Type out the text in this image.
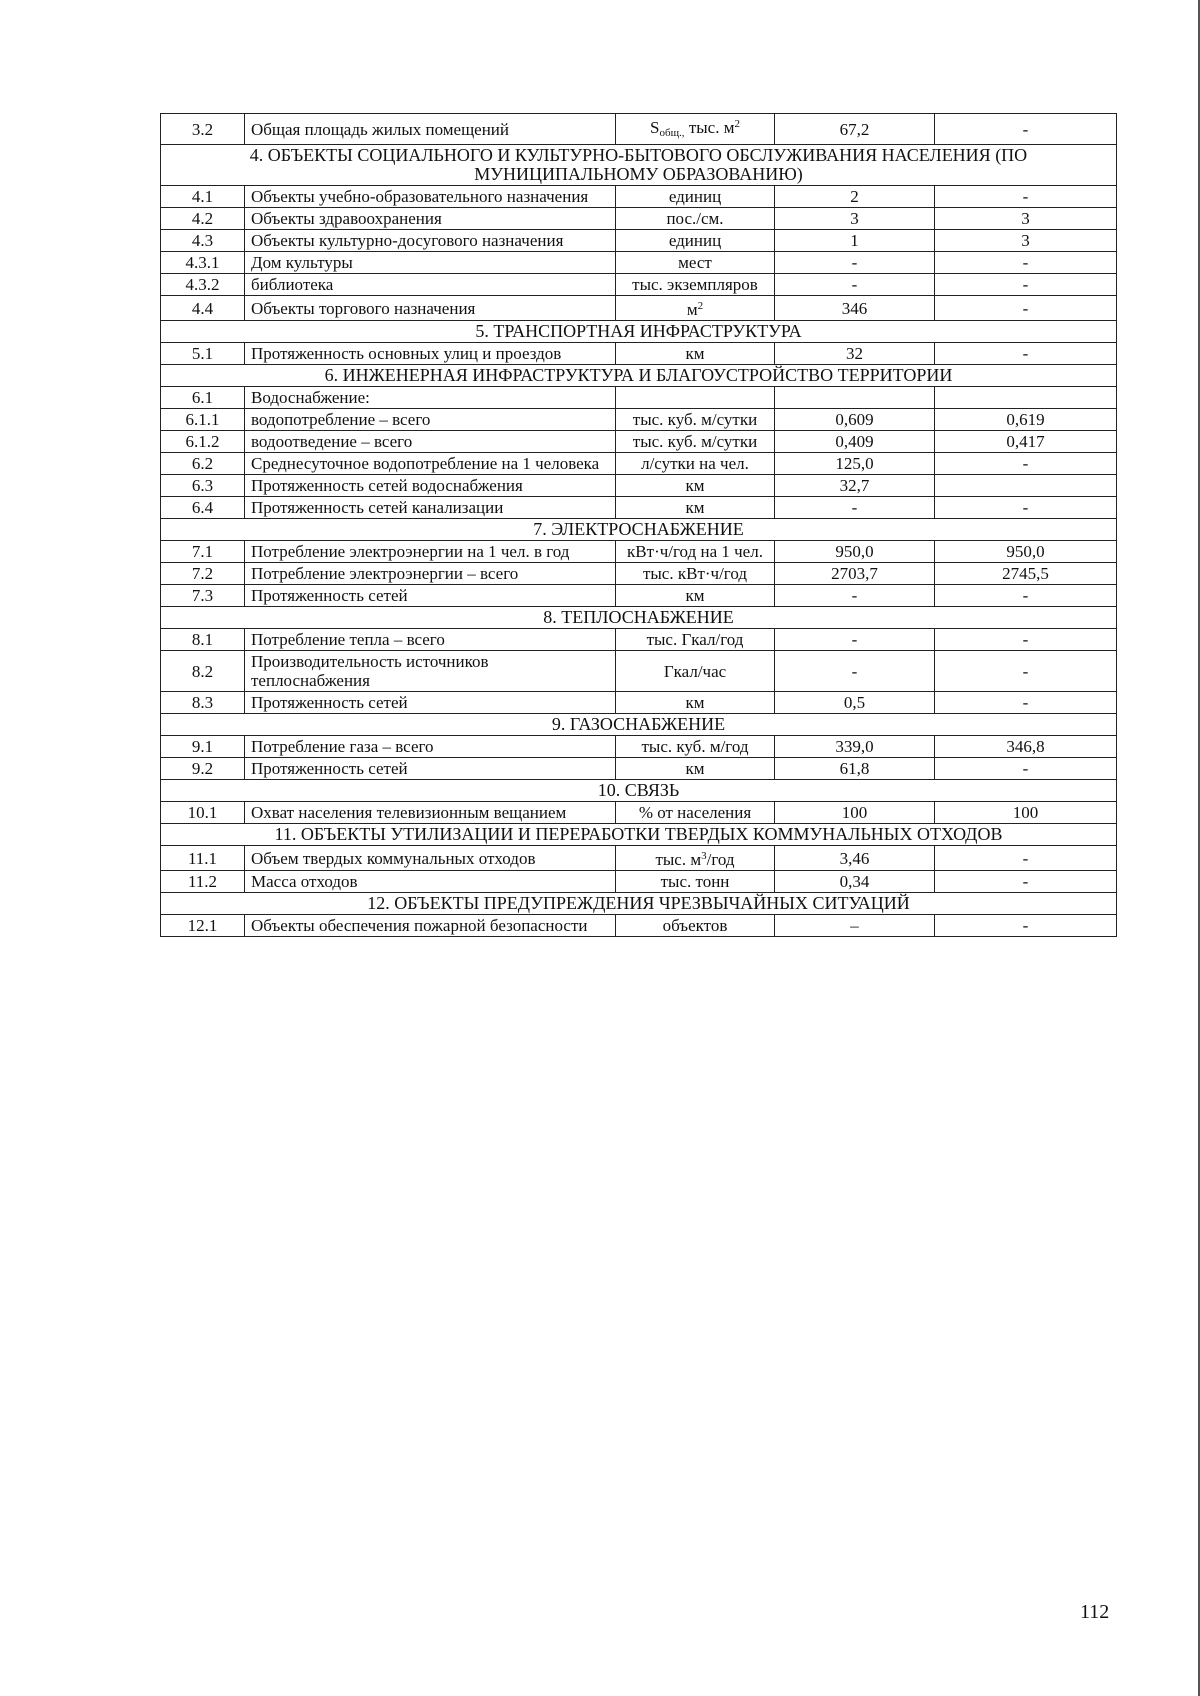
3.2	Общая площадь жилых помещений	$S_{общ.,}$ тыс. $м^2$	67,2	-
4. ОБЪЕКТЫ СОЦИАЛЬНОГО И КУЛЬТУРНО-БЫТОВОГО ОБСЛУЖИВАНИЯ НАСЕЛЕНИЯ (ПО МУНИЦИПАЛЬНОМУ ОБРАЗОВАНИЮ)				
4.1	Объекты учебно-образовательного назначения	единиц	2	-
4.2	Объекты здравоохранения	пос./см.	3	3
4.3	Объекты культурно-досугового назначения	единиц	1	3
4.3.1	Дом культуры	мест	-	-
4.3.2	библиотека	тыс. экземпляров	-	-
4.4	Объекты торгового назначения	$м^2$	346	-
5. ТРАНСПОРТНАЯ ИНФРАСТРУКТУРА				
5.1	Протяженность основных улиц и проездов	км	32	-
6. ИНЖЕНЕРНАЯ ИНФРАСТРУКТУРА И БЛАГОУСТРОЙСТВО ТЕРРИТОРИИ				
6.1	Водоснабжение:			
6.1.1	водопотребление – всего	тыс. куб. м/сутки	0,609	0,619
6.1.2	водоотведение – всего	тыс. куб. м/сутки	0,409	0,417
6.2	Среднесуточное водопотребление на 1 человека	л/сутки на чел.	125,0	-
6.3	Протяженность сетей водоснабжения	км	32,7	
6.4	Протяженность сетей канализации	км	-	-
7. ЭЛЕКТРОСНАБЖЕНИЕ				
7.1	Потребление электроэнергии на 1 чел. в год	кВт·ч/год на 1 чел.	950,0	950,0
7.2	Потребление электроэнергии – всего	тыс. кВт·ч/год	2703,7	2745,5
7.3	Протяженность сетей	км	-	-
8. ТЕПЛОСНАБЖЕНИЕ				
8.1	Потребление тепла – всего	тыс. Гкал/год	-	-
8.2	Производительность источников теплоснабжения	Гкал/час	-	-
8.3	Протяженность сетей	км	0,5	-
9. ГАЗОСНАБЖЕНИЕ				
9.1	Потребление газа – всего	тыс. куб. м/год	339,0	346,8
9.2	Протяженность сетей	км	61,8	-
10. СВЯЗЬ				
10.1	Охват населения телевизионным вещанием	% от населения	100	100
11. ОБЪЕКТЫ УТИЛИЗАЦИИ И ПЕРЕРАБОТКИ ТВЕРДЫХ КОММУНАЛЬНЫХ ОТХОДОВ				
11.1	Объем твердых коммунальных отходов	тыс. $м^3$/год	3,46	-
11.2	Масса отходов	тыс. тонн	0,34	-
12. ОБЪЕКТЫ ПРЕДУПРЕЖДЕНИЯ ЧРЕЗВЫЧАЙНЫХ СИТУАЦИЙ				
12.1	Объекты обеспечения пожарной безопасности	объектов	–	-
112
